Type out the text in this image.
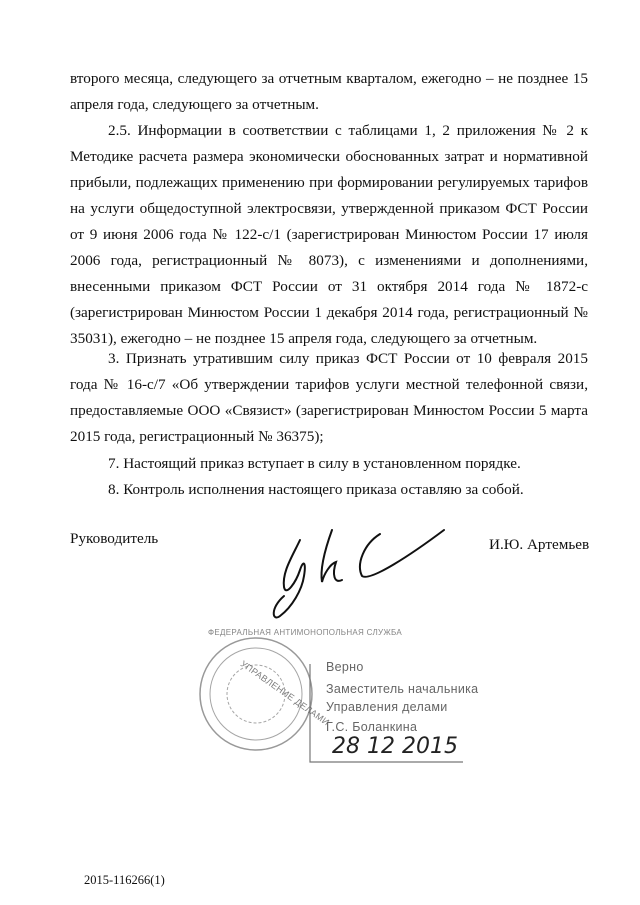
второго месяца, следующего за отчетным кварталом, ежегодно – не позднее 15 апреля года, следующего за отчетным.

2.5. Информации в соответствии с таблицами 1, 2 приложения № 2 к Методике расчета размера экономически обоснованных затрат и нормативной прибыли, подлежащих применению при формировании регулируемых тарифов на услуги общедоступной электросвязи, утвержденной приказом ФСТ России от 9 июня 2006 года № 122-с/1 (зарегистрирован Минюстом России 17 июля 2006 года, регистрационный № 8073), с изменениями и дополнениями, внесенными приказом ФСТ России от 31 октября 2014 года № 1872-с (зарегистрирован Минюстом России 1 декабря 2014 года, регистрационный № 35031), ежегодно – не позднее 15 апреля года, следующего за отчетным.

3. Признать утратившим силу приказ ФСТ России от 10 февраля 2015 года № 16-с/7 «Об утверждении тарифов услуги местной телефонной связи, предоставляемые ООО «Связист» (зарегистрирован Минюстом России 5 марта 2015 года, регистрационный № 36375);

7. Настоящий приказ вступает в силу в установленном порядке.

8. Контроль исполнения настоящего приказа оставляю за собой.

Руководитель	И.Ю. Артемьев
ФЕДЕРАЛЬНАЯ АНТИМОНОПОЛЬНАЯ СЛУЖБА
УПРАВЛЕНИЕ ДЕЛАМИ
Верно
Заместитель начальника
Управления делами
Г.С. Боланкина
28 12 2015
2015-116266(1)
